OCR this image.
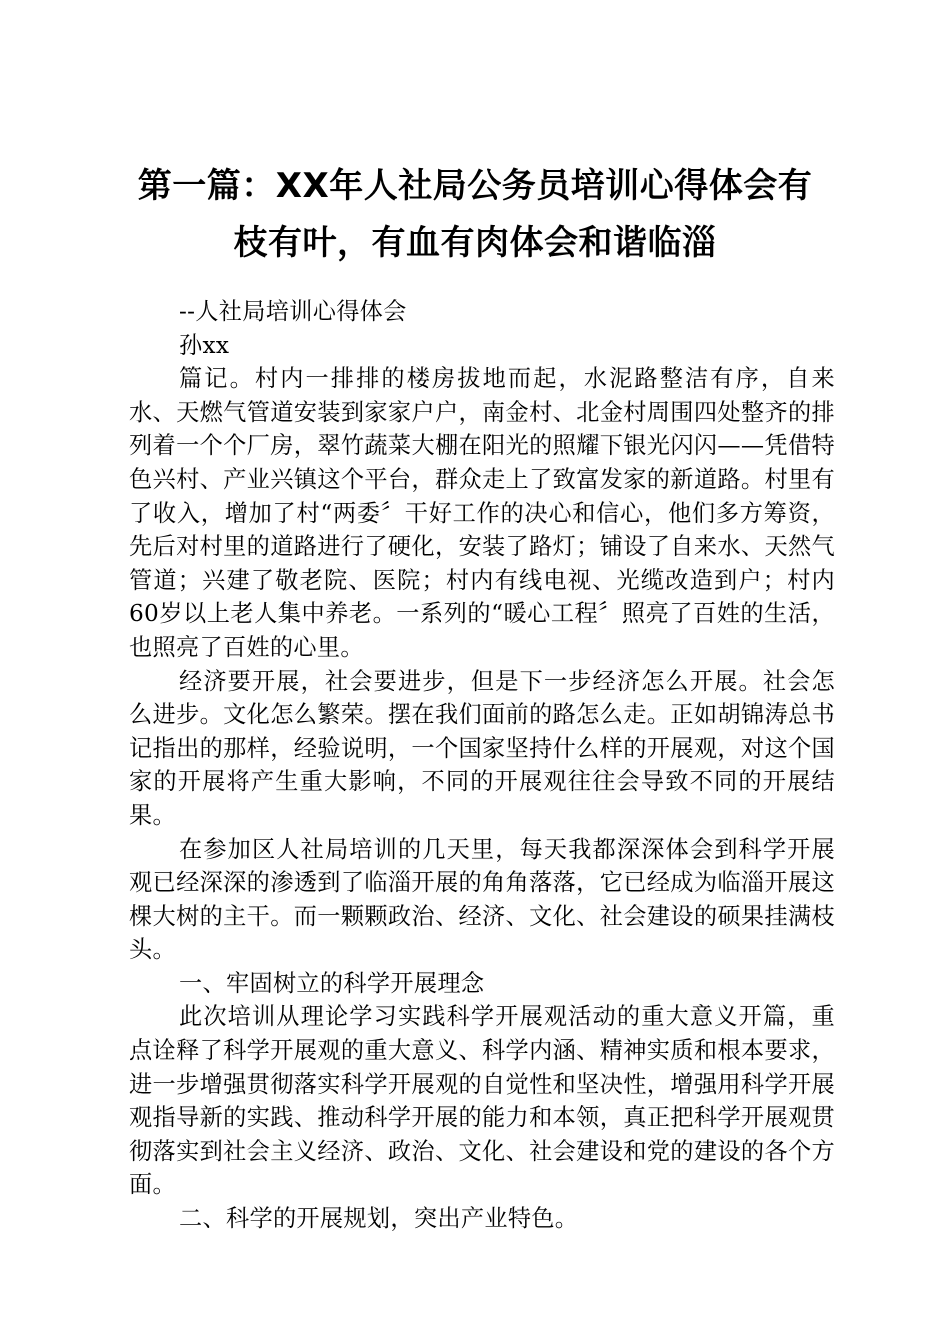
第一篇：XX年人社局公务员培训心得体会有
枝有叶，有血有肉体会和谐临淄

--人社局培训心得体会

孙xx

篇记。村内一排排的楼房拔地而起，水泥路整洁有序，自来水、天燃气管道安装到家家户户，南金村、北金村周围四处整齐的排列着一个个厂房，翠竹蔬菜大棚在阳光的照耀下银光闪闪——凭借特色兴村、产业兴镇这个平台，群众走上了致富发家的新道路。村里有了收入，增加了村“两委〞干好工作的决心和信心，他们多方筹资，先后对村里的道路进行了硬化，安装了路灯；铺设了自来水、天然气管道；兴建了敬老院、医院；村内有线电视、光缆改造到户；村内60岁以上老人集中养老。一系列的“暖心工程〞照亮了百姓的生活，也照亮了百姓的心里。

经济要开展，社会要进步，但是下一步经济怎么开展。社会怎么进步。文化怎么繁荣。摆在我们面前的路怎么走。正如胡锦涛总书记指出的那样，经验说明，一个国家坚持什么样的开展观，对这个国家的开展将产生重大影响，不同的开展观往往会导致不同的开展结果。

在参加区人社局培训的几天里，每天我都深深体会到科学开展观已经深深的渗透到了临淄开展的角角落落，它已经成为临淄开展这棵大树的主干。而一颗颗政治、经济、文化、社会建设的硕果挂满枝头。

一、牢固树立的科学开展理念

此次培训从理论学习实践科学开展观活动的重大意义开篇，重点诠释了科学开展观的重大意义、科学内涵、精神实质和根本要求，进一步增强贯彻落实科学开展观的自觉性和坚决性，增强用科学开展观指导新的实践、推动科学开展的能力和本领，真正把科学开展观贯彻落实到社会主义经济、政治、文化、社会建设和党的建设的各个方面。

二、科学的开展规划，突出产业特色。
